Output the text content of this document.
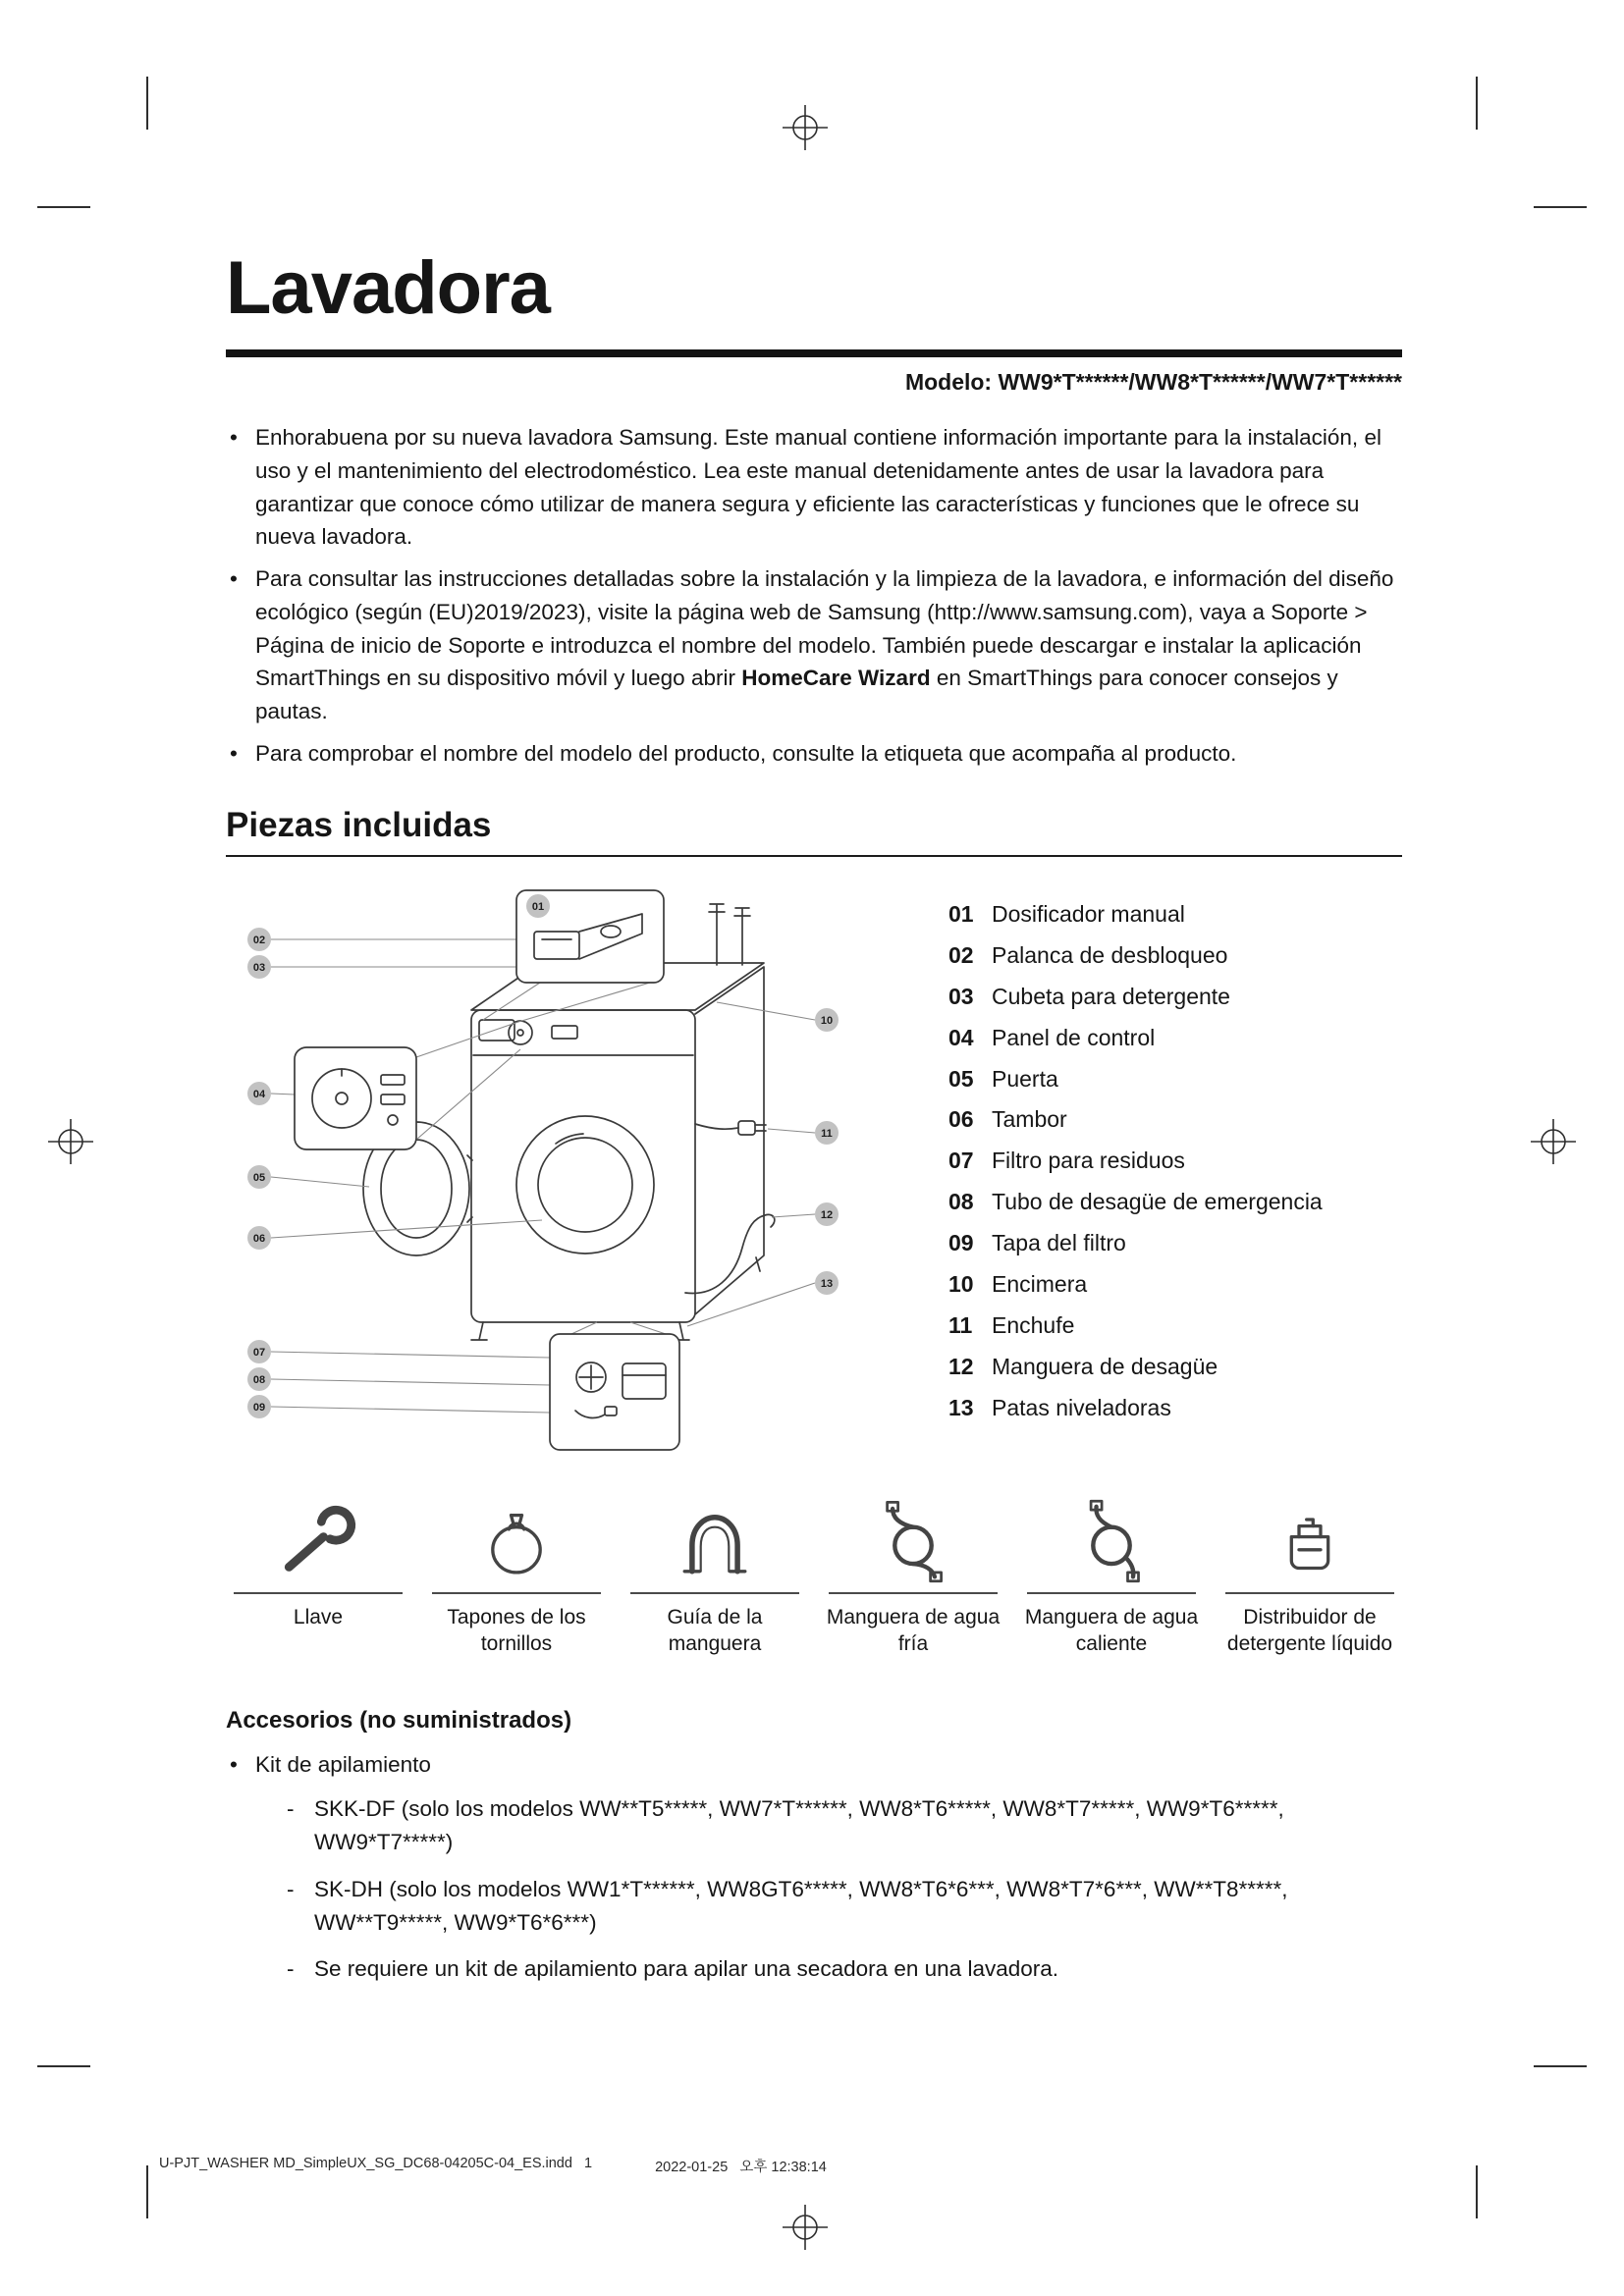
Lavadora
Modelo: WW9*T******/WW8*T******/WW7*T******
• Enhorabuena por su nueva lavadora Samsung. Este manual contiene información importante para la instalación, el uso y el mantenimiento del electrodoméstico. Lea este manual detenidamente antes de usar la lavadora para garantizar que conoce cómo utilizar de manera segura y eficiente las características y funciones que le ofrece su nueva lavadora.
• Para consultar las instrucciones detalladas sobre la instalación y la limpieza de la lavadora, e información del diseño ecológico (según (EU)2019/2023), visite la página web de Samsung (http://www.samsung.com), vaya a Soporte > Página de inicio de Soporte e introduzca el nombre del modelo. También puede descargar e instalar la aplicación SmartThings en su dispositivo móvil y luego abrir HomeCare Wizard en SmartThings para conocer consejos y pautas.
• Para comprobar el nombre del modelo del producto, consulte la etiqueta que acompaña al producto.
Piezas incluidas
01
02
03
04
05
06
07
08
09
10
11
12
13
01 Dosificador manual
02 Palanca de desbloqueo
03 Cubeta para detergente
04 Panel de control
05 Puerta
06 Tambor
07 Filtro para residuos
08 Tubo de desagüe de emergencia
09 Tapa del filtro
10 Encimera
11 Enchufe
12 Manguera de desagüe
13 Patas niveladoras
Llave	Tapones de los tornillos
Guía de la manguera
Manguera de agua fría
Manguera de agua caliente
Distribuidor de detergente líquido
Accesorios (no suministrados)
• Kit de apilamiento
- SKK-DF (solo los modelos WW**T5*****, WW7*T******, WW8*T6*****, WW8*T7*****, WW9*T6*****, WW9*T7*****)
- SK-DH (solo los modelos WW1*T******, WW8GT6*****, WW8*T6*6***, WW8*T7*6***, WW**T8*****, WW**T9*****, WW9*T6*6***)
- Se requiere un kit de apilamiento para apilar una secadora en una lavadora.
U-PJT_WASHER MD_SimpleUX_SG_DC68-04205C-04_ES.indd   1	2022-01-25   오후 12:38:14
